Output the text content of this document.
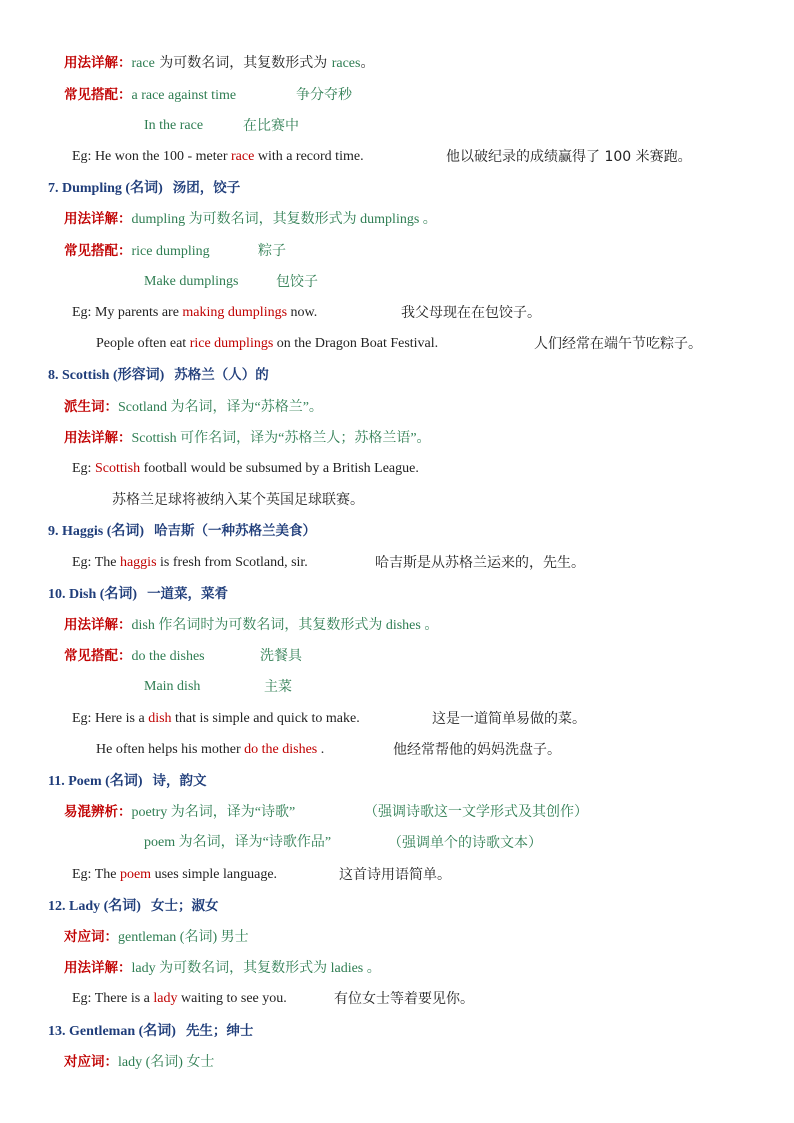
用法详解：race 为可数名词，其复数形式为 races。
常见搭配：a race against time	争分夺秒
In the race	在比赛中
Eg: He won the 100 - meter race with a record time.	他以破纪录的成绩赢得了 100 米赛跑。
7. Dumpling (名词) 汤团，饺子
用法详解：dumpling 为可数名词，其复数形式为 dumplings 。
常见搭配：rice dumpling	粽子
Make dumplings	包饺子
Eg: My parents are making dumplings now.	我父母现在在包饺子。
People often eat rice dumplings on the Dragon Boat Festival.	人们经常在端午节吃粽子。
8. Scottish (形容词) 苏格兰（人）的
派生词：Scotland 为名词，译为“苏格兰”。
用法详解：Scottish 可作名词，译为“苏格兰人；苏格兰语”。
Eg: Scottish football would be subsumed by a British League.
苏格兰足球将被纳入某个英国足球联赛。
9. Haggis (名词) 哈吉斯（一种苏格兰美食）
Eg: The haggis is fresh from Scotland, sir.	哈吉斯是从苏格兰运来的，先生。
10. Dish (名词) 一道菜，菜肴
用法详解：dish 作名词时为可数名词，其复数形式为 dishes 。
常见搭配：do the dishes	洗餐具
Main dish	主菜
Eg: Here is a dish that is simple and quick to make.	这是一道简单易做的菜。
He often helps his mother do the dishes .	他经常帮他的妈妈洗盘子。
11. Poem (名词) 诗，韵文
易混辨析：poetry 为名词，译为“诗歌”	（强调诗歌这一文学形式及其创作）
poem 为名词，译为“诗歌作品”	（强调单个的诗歌文本）
Eg: The poem uses simple language.	这首诗用语简单。
12. Lady (名词) 女士；淑女
对应词：gentleman (名词) 男士
用法详解：lady 为可数名词，其复数形式为 ladies 。
Eg: There is a lady waiting to see you.	有位女士等着要见你。
13. Gentleman (名词) 先生；绅士
对应词：lady (名词) 女士
